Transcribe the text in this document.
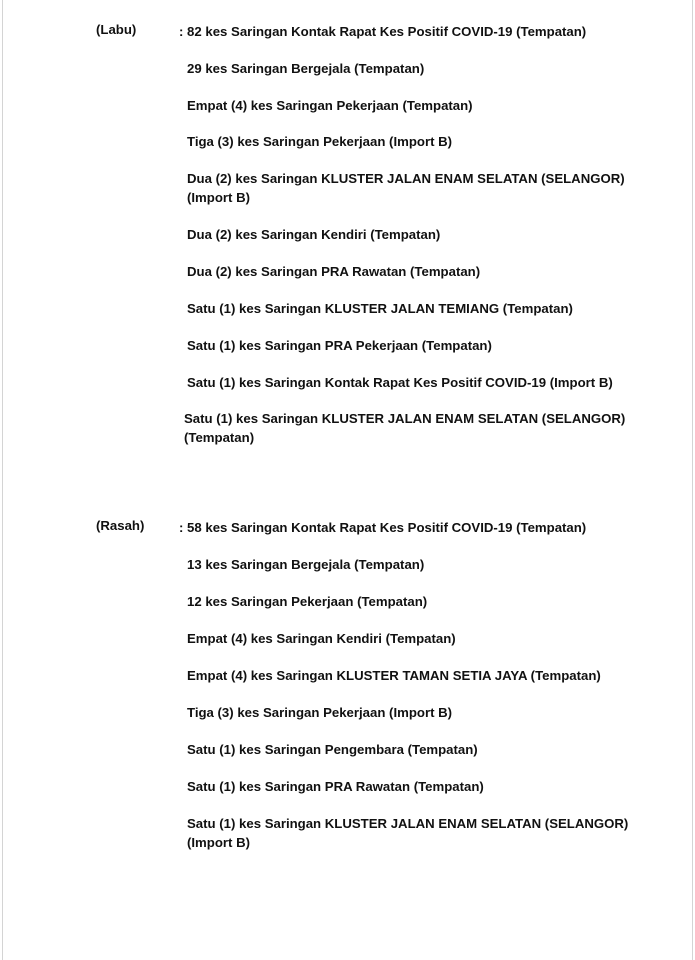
(Labu)	: 82 kes Saringan Kontak Rapat Kes Positif COVID-19 (Tempatan)
29 kes Saringan Bergejala (Tempatan)
Empat (4) kes Saringan Pekerjaan (Tempatan)
Tiga (3) kes Saringan Pekerjaan (Import B)
Dua (2) kes Saringan KLUSTER JALAN ENAM SELATAN (SELANGOR) (Import B)
Dua (2) kes Saringan Kendiri (Tempatan)
Dua (2) kes Saringan PRA Rawatan (Tempatan)
Satu (1) kes Saringan KLUSTER JALAN TEMIANG (Tempatan)
Satu (1) kes Saringan PRA Pekerjaan (Tempatan)
Satu (1) kes Saringan Kontak Rapat Kes Positif COVID-19 (Import B)
Satu (1) kes Saringan KLUSTER JALAN ENAM SELATAN (SELANGOR) (Tempatan)
(Rasah)	: 58 kes Saringan Kontak Rapat Kes Positif COVID-19 (Tempatan)
13 kes Saringan Bergejala (Tempatan)
12 kes Saringan Pekerjaan (Tempatan)
Empat (4) kes Saringan Kendiri (Tempatan)
Empat (4) kes Saringan KLUSTER TAMAN SETIA JAYA (Tempatan)
Tiga (3) kes Saringan Pekerjaan (Import B)
Satu (1) kes Saringan Pengembara (Tempatan)
Satu (1) kes Saringan PRA Rawatan (Tempatan)
Satu (1) kes Saringan KLUSTER JALAN ENAM SELATAN (SELANGOR) (Import B)
